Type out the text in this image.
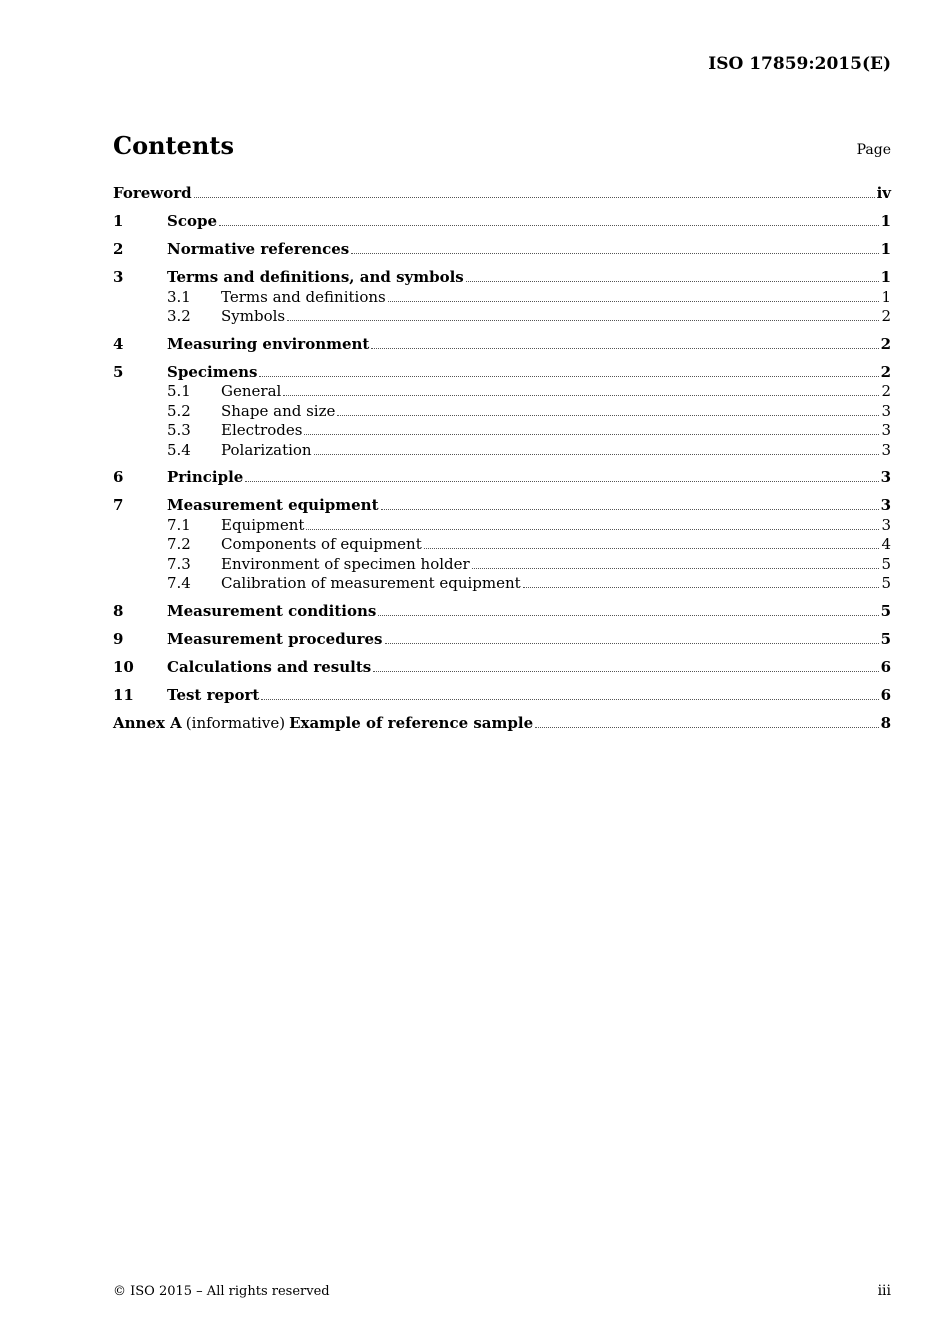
ISO 17859:2015(E)
Contents	Page
Foreword	iv
1	Scope	1
2	Normative references	1
3	Terms and definitions, and symbols	1
3.1	Terms and definitions	1
3.2	Symbols	2
4	Measuring environment	2
5	Specimens	2
5.1	General	2
5.2	Shape and size	3
5.3	Electrodes	3
5.4	Polarization	3
6	Principle	3
7	Measurement equipment	3
7.1	Equipment	3
7.2	Components of equipment	4
7.3	Environment of specimen holder	5
7.4	Calibration of measurement equipment	5
8	Measurement conditions	5
9	Measurement procedures	5
10	Calculations and results	6
11	Test report	6
Annex A (informative) Example of reference sample	8
© ISO 2015 – All rights reserved	iii
